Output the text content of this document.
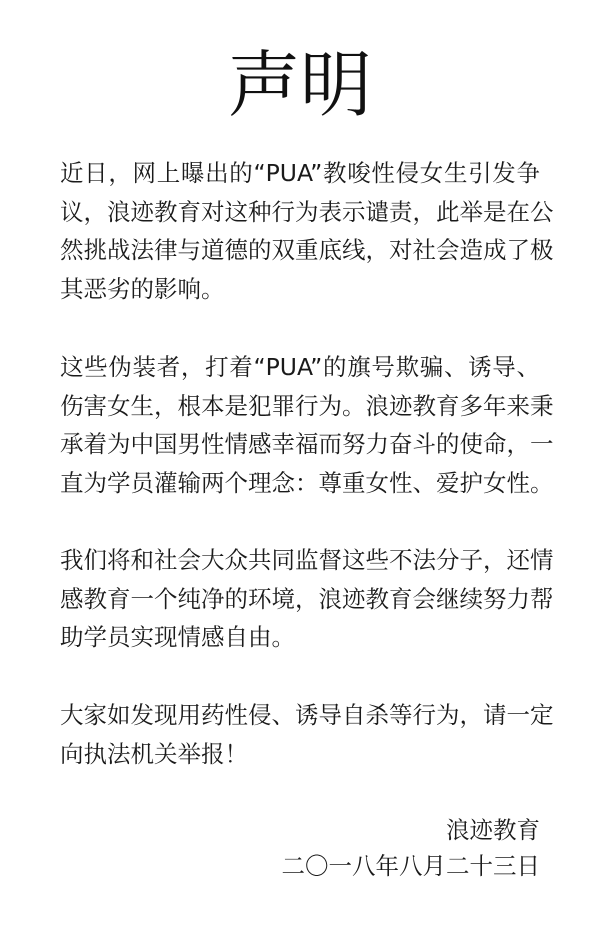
声明
近日，网上曝出的“PUA”教唆性侵女生引发争
议，浪迹教育对这种行为表示谴责，此举是在公
然挑战法律与道德的双重底线，对社会造成了极
其恶劣的影响。
这些伪装者，打着“PUA”的旗号欺骗、诱导、
伤害女生，根本是犯罪行为。浪迹教育多年来秉
承着为中国男性情感幸福而努力奋斗的使命，一
直为学员灌输两个理念：尊重女性、爱护女性。
我们将和社会大众共同监督这些不法分子，还情
感教育一个纯净的环境，浪迹教育会继续努力帮
助学员实现情感自由。
大家如发现用药性侵、诱导自杀等行为，请一定
向执法机关举报！
浪迹教育
二〇一八年八月二十三日
